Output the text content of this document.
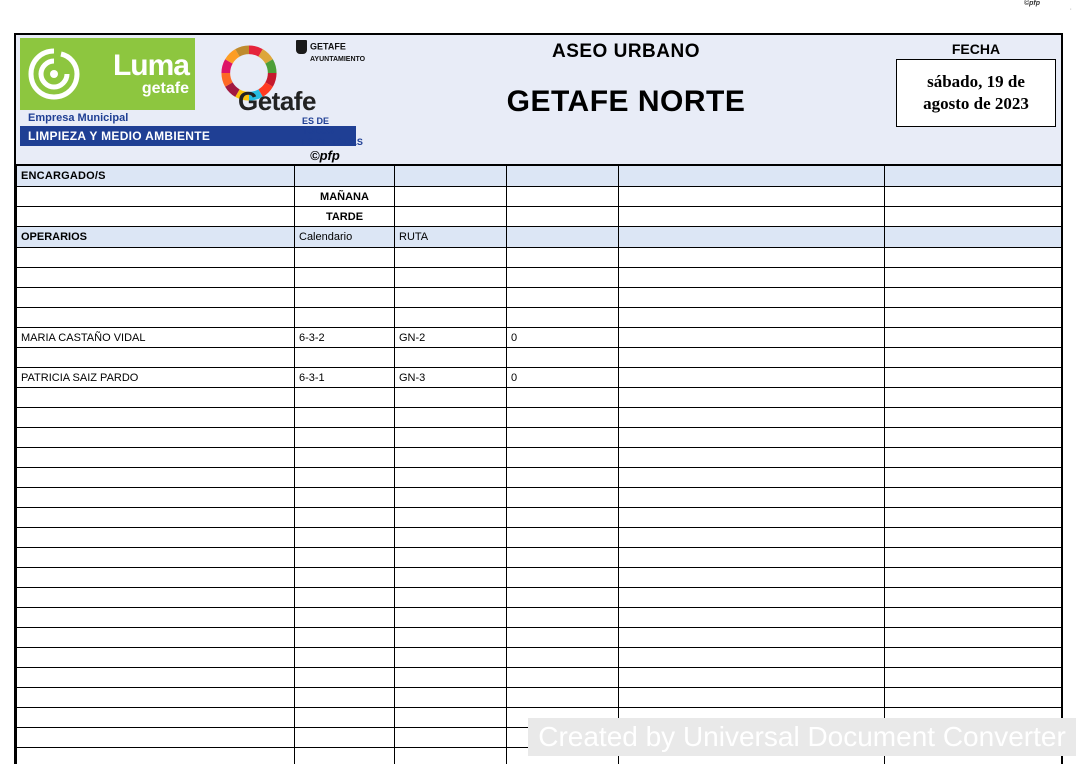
©pfp
·
Luma
getafe
Empresa Municipal
LIMPIEZA Y MEDIO AMBIENTE
©pfp
GETAFE
AYUNTAMIENTO
Getafe
ES DE TODOS
ES DE TODAS
ASEO URBANO
GETAFE NORTE
FECHA
sábado, 19 de agosto de 2023
ENCARGADO/S					
	MAÑANA				
	TARDE				
OPERARIOS	Calendario	RUTA			

MARIA CASTAÑO VIDAL	6-3-2	GN-2	0		

PATRICIA SAIZ PARDO	6-3-1	GN-3	0		

Created by Universal Document Converter
